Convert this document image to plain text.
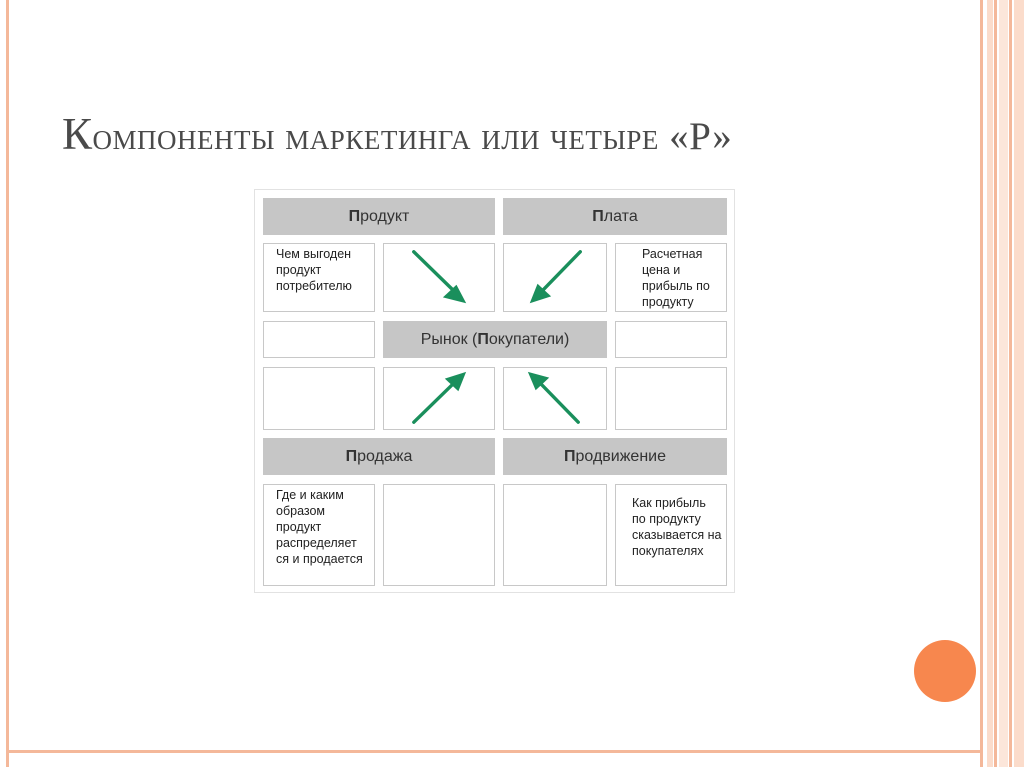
Компоненты маркетинга или четыре «Р»
П родукт	П лата
Чем выгоден продукт потребителю
Расчетная цена и прибыль по продукту
Рынок ( П окупатели)
П родажа	П родвижение
Где и каким образом продукт распределяет ся и продается
Как прибыль по продукту сказывается на покупателях
